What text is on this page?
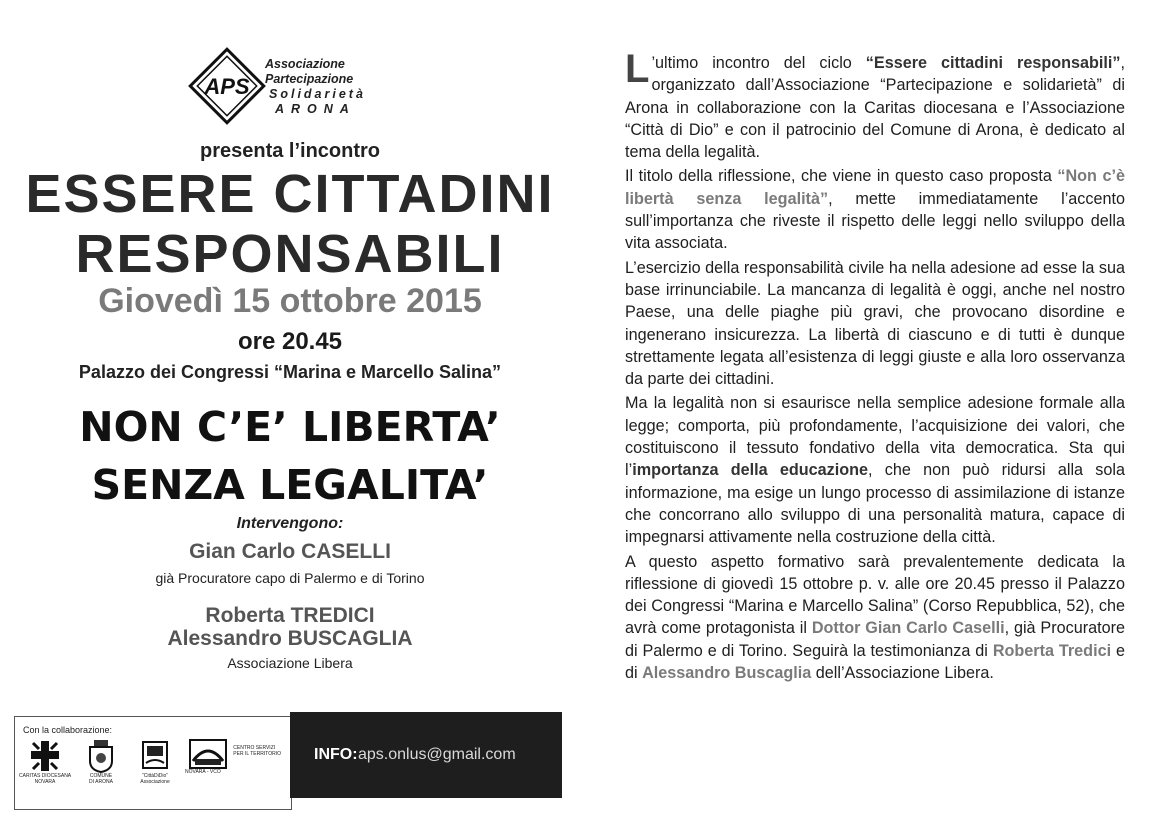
APS
Associazione
Partecipazione
Solidarietà
ARONA
presenta l’incontro
ESSERE CITTADINI
RESPONSABILI
Giovedì 15 ottobre 2015
ore 20.45
Palazzo dei Congressi “Marina e Marcello Salina”
NON C’E’ LIBERTA’
SENZA LEGALITA’
Intervengono:
Gian Carlo CASELLI
già Procuratore capo di Palermo e di Torino
Roberta TREDICI
Alessandro BUSCAGLIA
Associazione Libera
Con la collaborazione:
CARITAS DIOCESANA
NOVARA
COMUNE
DI ARONA
“CittàDiDio”
Associazione
CENTRO SERVIZI
PER IL TERRITORIO
NOVARA - VCO
INFO: aps.onlus@gmail.com

L ’ultimo incontro del ciclo “Essere cittadini responsabili”, organizzato dall’Associazione “Partecipazione e solidarietà” di Arona in collaborazione con la Caritas diocesana e l’Associazione “Città di Dio” e con il patrocinio del Comune di Arona, è dedicato al tema della legalità.

Il titolo della riflessione, che viene in questo caso proposta “Non c’è libertà senza legalità”, mette immediatamente l’accento sull’importanza che riveste il rispetto delle leggi nello sviluppo della vita associata.

L’esercizio della responsabilità civile ha nella adesione ad esse la sua base irrinunciabile. La mancanza di legalità è oggi, anche nel nostro Paese, una delle piaghe più gravi, che provocano disordine e ingenerano insicurezza. La libertà di ciascuno e di tutti è dunque strettamente legata all’esistenza di leggi giuste e alla loro osservanza da parte dei cittadini.

Ma la legalità non si esaurisce nella semplice adesione formale alla legge; comporta, più profondamente, l’acquisizione dei valori, che costituiscono il tessuto fondativo della vita democratica. Sta qui l’importanza della educazione, che non può ridursi alla sola informazione, ma esige un lungo processo di assimilazione di istanze che concorrano allo sviluppo di una personalità matura, capace di impegnarsi attivamente nella costruzione della città.

A questo aspetto formativo sarà prevalentemente dedicata la riflessione di giovedì 15 ottobre p. v. alle ore 20.45 presso il Palazzo dei Congressi “Marina e Marcello Salina” (Corso Repubblica, 52), che avrà come protagonista il Dottor Gian Carlo Caselli, già Procuratore di Palermo e di Torino. Seguirà la testimonianza di Roberta Tredici e di Alessandro Buscaglia dell’Associazione Libera.
